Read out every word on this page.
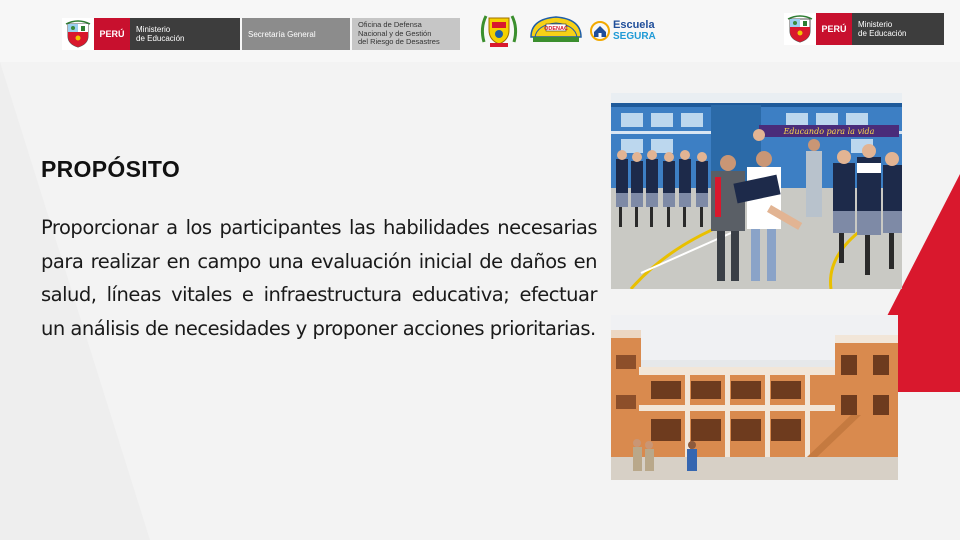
PERÚ	Ministerio
de Educación	Secretaría General
Oficina de Defensa
Nacional y de Gestión
del Riesgo de Desastres
ODENAC	Escuela
SEGURA
PERÚ	Ministerio
de Educación
PROPÓSITO

Proporcionar a los participantes las habilidades necesarias para realizar en campo una evaluación inicial de daños en salud, líneas vitales e infraestructura educativa; efectuar un análisis de necesidades y proponer acciones prioritarias.

Educando para la vida
